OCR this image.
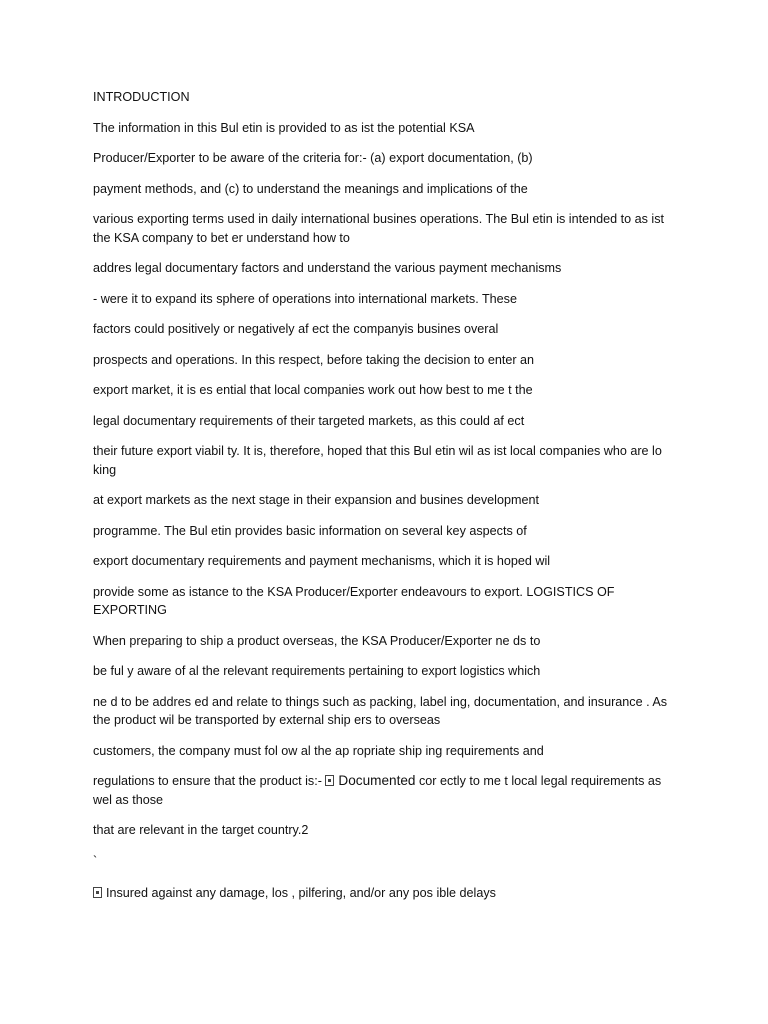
INTRODUCTION

The information in this Bul etin is provided to as ist the potential KSA

Producer/Exporter to be aware of the criteria for:- (a) export documentation, (b)

payment methods, and (c) to understand the meanings and implications of the

various exporting terms used in daily international busines operations. The Bul etin is intended to as ist the KSA company to bet er understand how to

addres legal documentary factors and understand the various payment mechanisms

- were it to expand its sphere of operations into international markets. These

factors could positively or negatively af ect the companyis busines overal

prospects and operations. In this respect, before taking the decision to enter an

export market, it is es ential that local companies work out how best to me t the

legal documentary requirements of their targeted markets, as this could af ect

their future export viabil ty. It is, therefore, hoped that this Bul etin wil as ist local companies who are lo king

at export markets as the next stage in their expansion and busines development

programme. The Bul etin provides basic information on several key aspects of

export documentary requirements and payment mechanisms, which it is hoped wil

provide some as istance to the KSA Producer/Exporter endeavours to export. LOGISTICS OF EXPORTING

When preparing to ship a product overseas, the KSA Producer/Exporter ne ds to

be ful y aware of al the relevant requirements pertaining to export logistics which

ne d to be addres ed and relate to things such as packing, label ing, documentation, and insurance . As the product wil be transported by external ship ers to overseas

customers, the company must fol ow al the ap ropriate ship ing requirements and

regulations to ensure that the product is:- Documented cor ectly to me t local legal requirements as wel as those

that are relevant in the target country.2

`

Insured against any damage, los , pilfering, and/or any pos ible delays
